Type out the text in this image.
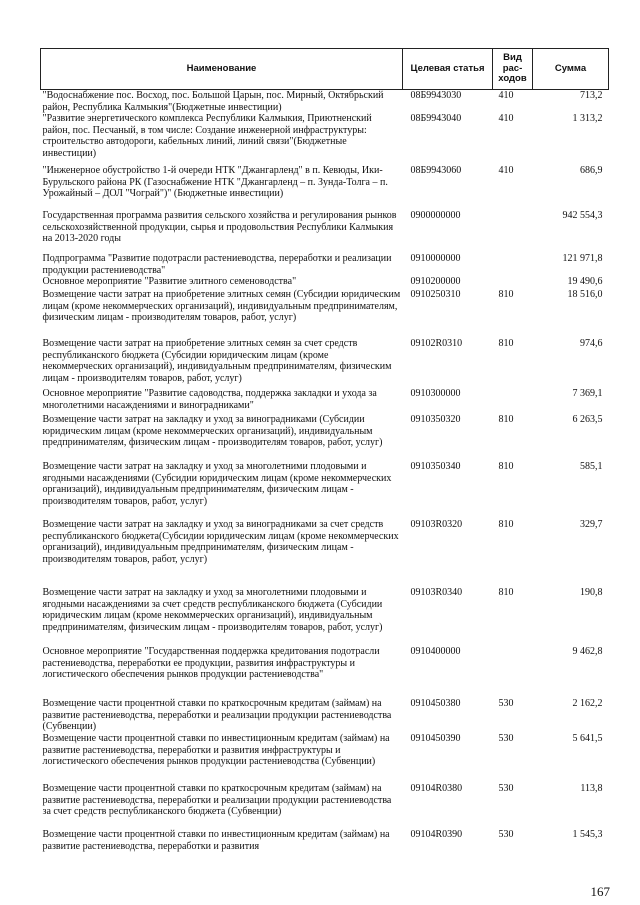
Наименование	Целевая статья	Вид рас- ходов	Сумма
"Водоснабжение пос. Восход, пос. Большой Царын, пос. Мирный, Октябрьский район, Республика Калмыкия"(Бюджетные инвестиции)	08Б9943030	410	713,2
"Развитие энергетического комплекса Республики Калмыкия, Приютненский район, пос. Песчаный, в том числе: Создание инженерной инфраструктуры: строительство автодороги, кабельных линий, линий связи"(Бюджетные инвестиции)	08Б9943040	410	1 313,2
"Инженерное обустройство 1-й очереди НТК "Джангарленд" в п. Кевюды, Ики-Бурульского района РК (Газоснабжение НТК "Джангарленд – п. Зунда-Толга – п. Урожайный – ДОЛ "Чограй")" (Бюджетные инвестиции)	08Б9943060	410	686,9
Государственная программа развития сельского хозяйства и регулирования рынков сельскохозяйственной продукции, сырья и продовольствия Республики Калмыкия на 2013-2020 годы	0900000000		942 554,3
Подпрограмма "Развитие подотрасли растениеводства, переработки и реализации продукции растениеводства"	0910000000		121 971,8
Основное мероприятие "Развитие элитного семеноводства"	0910200000		19 490,6
Возмещение части затрат на приобретение элитных семян (Субсидии юридическим лицам (кроме некоммерческих организаций), индивидуальным предпринимателям, физическим лицам - производителям товаров, работ, услуг)	0910250310	810	18 516,0
Возмещение части затрат на приобретение элитных семян за счет средств республиканского бюджета (Субсидии юридическим лицам (кроме некоммерческих организаций), индивидуальным предпринимателям, физическим лицам - производителям товаров, работ, услуг)	09102R0310	810	974,6
Основное мероприятие "Развитие садоводства, поддержка закладки и ухода за многолетними насаждениями и виноградниками"	0910300000		7 369,1
Возмещение части затрат на закладку и уход за виноградниками (Субсидии юридическим лицам (кроме некоммерческих организаций), индивидуальным предпринимателям, физическим лицам - производителям товаров, работ, услуг)	0910350320	810	6 263,5
Возмещение части затрат на закладку и уход за многолетними плодовыми и ягодными насаждениями (Субсидии юридическим лицам (кроме некоммерческих организаций), индивидуальным предпринимателям, физическим лицам - производителям товаров, работ, услуг)	0910350340	810	585,1
Возмещение части затрат на закладку и уход за виноградниками за счет средств республиканского бюджета(Субсидии юридическим лицам (кроме некоммерческих организаций), индивидуальным предпринимателям, физическим лицам - производителям товаров, работ, услуг)	09103R0320	810	329,7
Возмещение части затрат на закладку и уход за многолетними плодовыми и ягодными насаждениями за счет средств республиканского бюджета (Субсидии юридическим лицам (кроме некоммерческих организаций), индивидуальным предпринимателям, физическим лицам - производителям товаров, работ, услуг)	09103R0340	810	190,8
Основное мероприятие "Государственная поддержка кредитования подотрасли растениеводства, переработки ее продукции, развития инфраструктуры и логистического обеспечения рынков продукции растениеводства"	0910400000		9 462,8
Возмещение части процентной ставки по краткосрочным кредитам (займам) на развитие растениеводства, переработки и реализации продукции растениеводства (Субвенции)	0910450380	530	2 162,2
Возмещение части процентной ставки по инвестиционным кредитам (займам) на развитие растениеводства, переработки и развития инфраструктуры и логистического обеспечения рынков продукции растениеводства (Субвенции)	0910450390	530	5 641,5
Возмещение части процентной ставки по краткосрочным кредитам (займам) на развитие растениеводства, переработки и реализации продукции растениеводства за счет средств республиканского бюджета (Субвенции)	09104R0380	530	113,8
Возмещение части процентной ставки по инвестиционным кредитам (займам) на развитие растениеводства, переработки и развития	09104R0390	530	1 545,3
167
